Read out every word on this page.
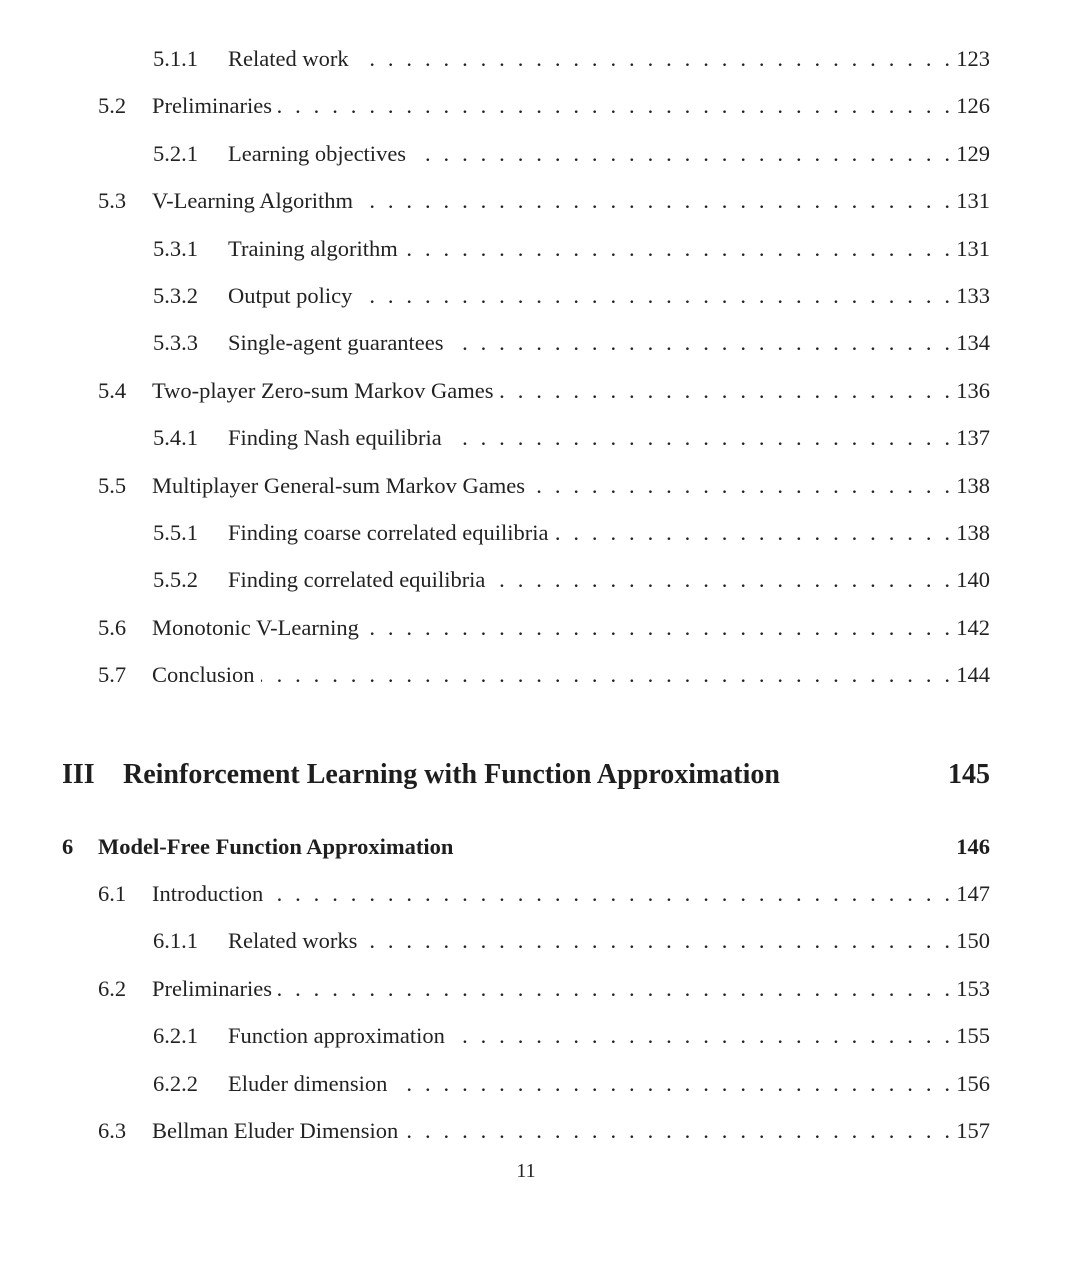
5.1.1 Related work . . .	123
5.2 Preliminaries . . .	126
5.2.1 Learning objectives . . .	129
5.3 V-Learning Algorithm . . .	131
5.3.1 Training algorithm . . .	131
5.3.2 Output policy . . .	133
5.3.3 Single-agent guarantees . . .	134
5.4 Two-player Zero-sum Markov Games . . .	136
5.4.1 Finding Nash equilibria . . .	137
5.5 Multiplayer General-sum Markov Games . . .	138
5.5.1 Finding coarse correlated equilibria . . .	138
5.5.2 Finding correlated equilibria . . .	140
5.6 Monotonic V-Learning . . .	142
5.7 Conclusion . . .	144
III Reinforcement Learning with Function Approximation	145
6 Model-Free Function Approximation	146
6.1 Introduction . . .	147
6.1.1 Related works . . .	150
6.2 Preliminaries . . .	153
6.2.1 Function approximation . . .	155
6.2.2 Eluder dimension . . .	156
6.3 Bellman Eluder Dimension . . .	157
11
